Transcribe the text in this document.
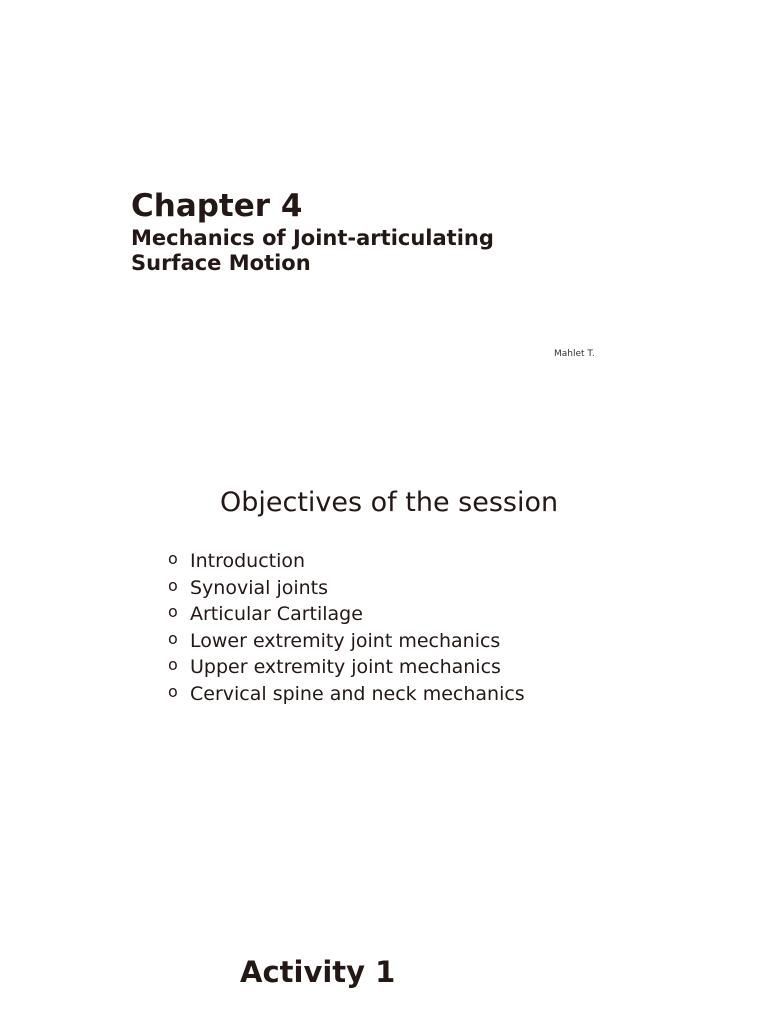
Chapter 4
Mechanics of Joint-articulating
Surface Motion
Mahlet T.
Objectives of the session
o Introduction
o Synovial joints
o Articular Cartilage
o Lower extremity joint mechanics
o Upper extremity joint mechanics
o Cervical spine and neck mechanics
Activity 1
